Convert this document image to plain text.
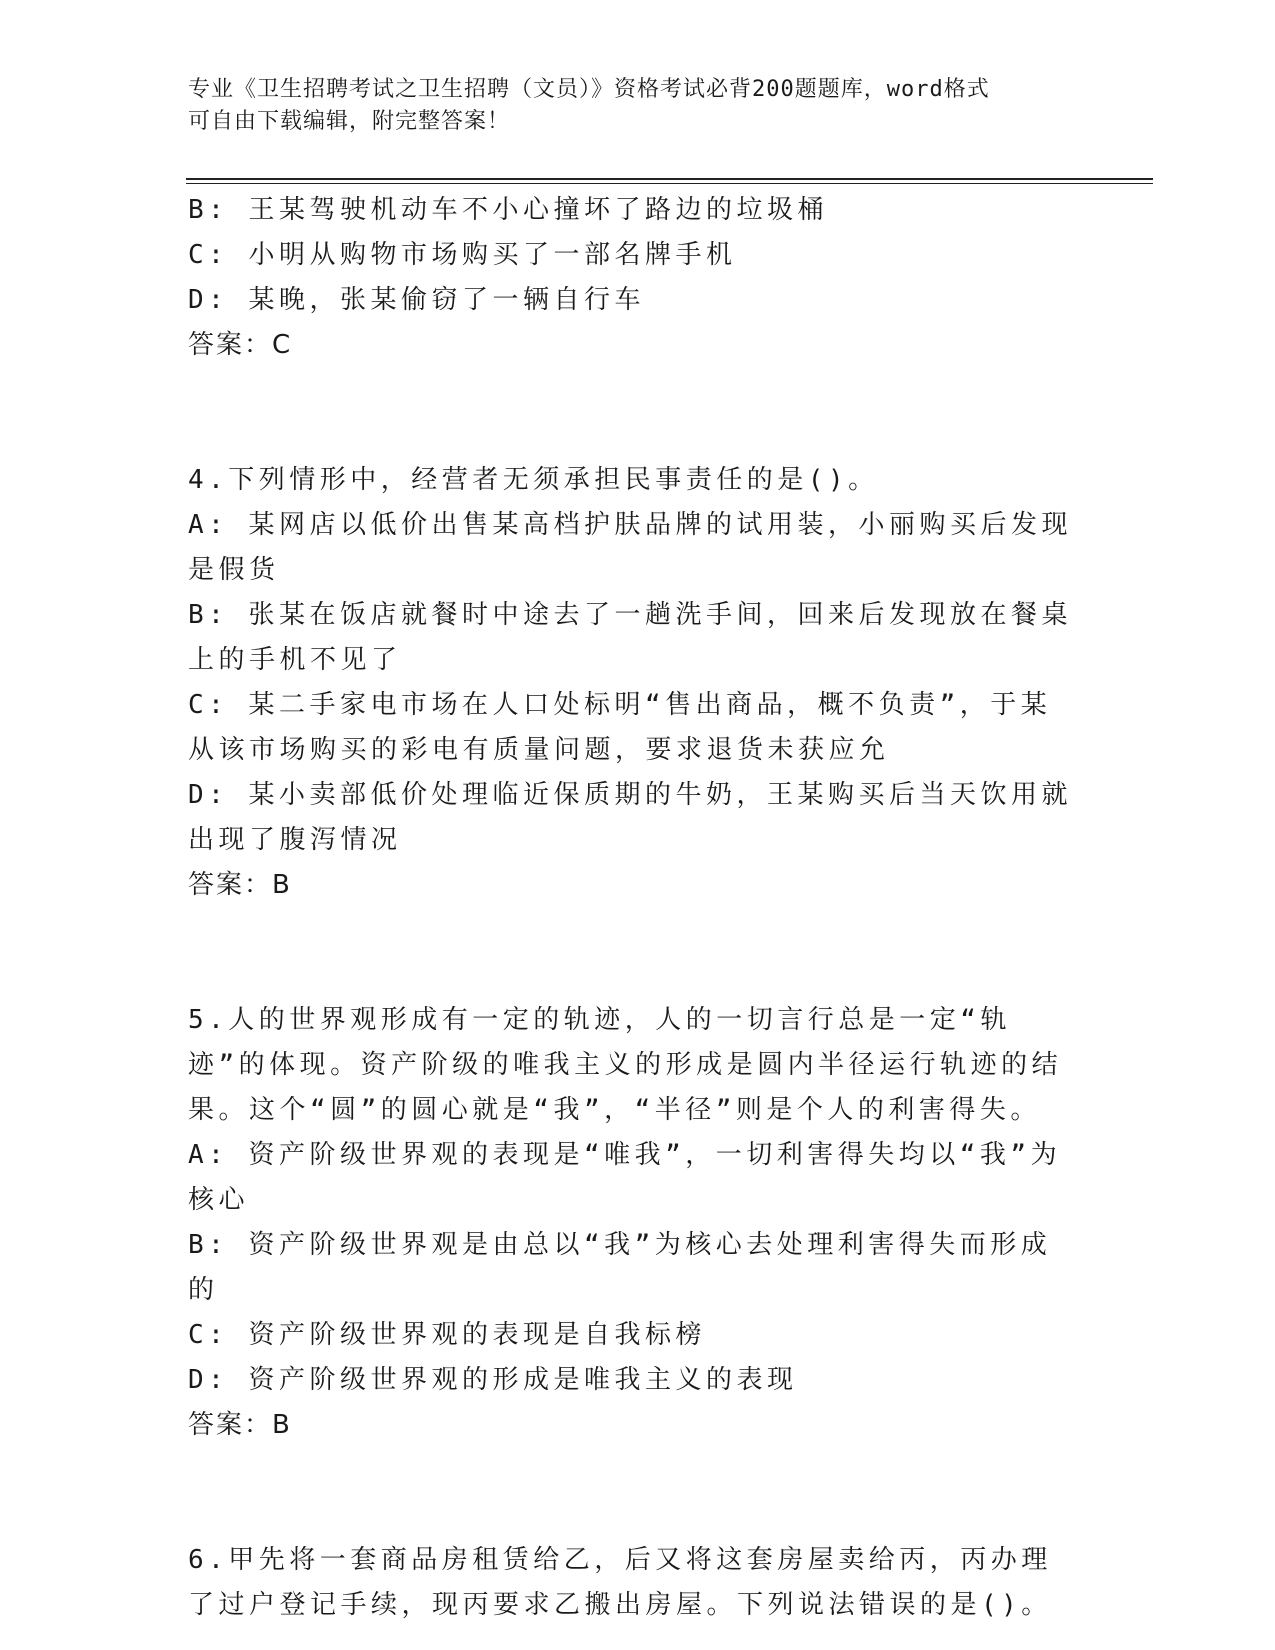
专业《卫生招聘考试之卫生招聘（文员）》资格考试必背200题题库，word格式
可自由下载编辑，附完整答案！

B: 王某驾驶机动车不小心撞坏了路边的垃圾桶

C: 小明从购物市场购买了一部名牌手机

D: 某晚，张某偷窃了一辆自行车

答案：C

4.下列情形中，经营者无须承担民事责任的是()。

A: 某网店以低价出售某高档护肤品牌的试用装，小丽购买后发现是假货

B: 张某在饭店就餐时中途去了一趟洗手间，回来后发现放在餐桌上的手机不见了

C: 某二手家电市场在人口处标明“售出商品，概不负责”，于某从该市场购买的彩电有质量问题，要求退货未获应允

D: 某小卖部低价处理临近保质期的牛奶，王某购买后当天饮用就出现了腹泻情况

答案：B

5.人的世界观形成有一定的轨迹，人的一切言行总是一定“轨迹”的体现。资产阶级的唯我主义的形成是圆内半径运行轨迹的结果。这个“圆”的圆心就是“我”，“半径”则是个人的利害得失。

A: 资产阶级世界观的表现是“唯我”，一切利害得失均以“我”为核心

B: 资产阶级世界观是由总以“我”为核心去处理利害得失而形成的

C: 资产阶级世界观的表现是自我标榜

D: 资产阶级世界观的形成是唯我主义的表现

答案：B

6.甲先将一套商品房租赁给乙，后又将这套房屋卖给丙，丙办理了过户登记手续，现丙要求乙搬出房屋。下列说法错误的是()。
